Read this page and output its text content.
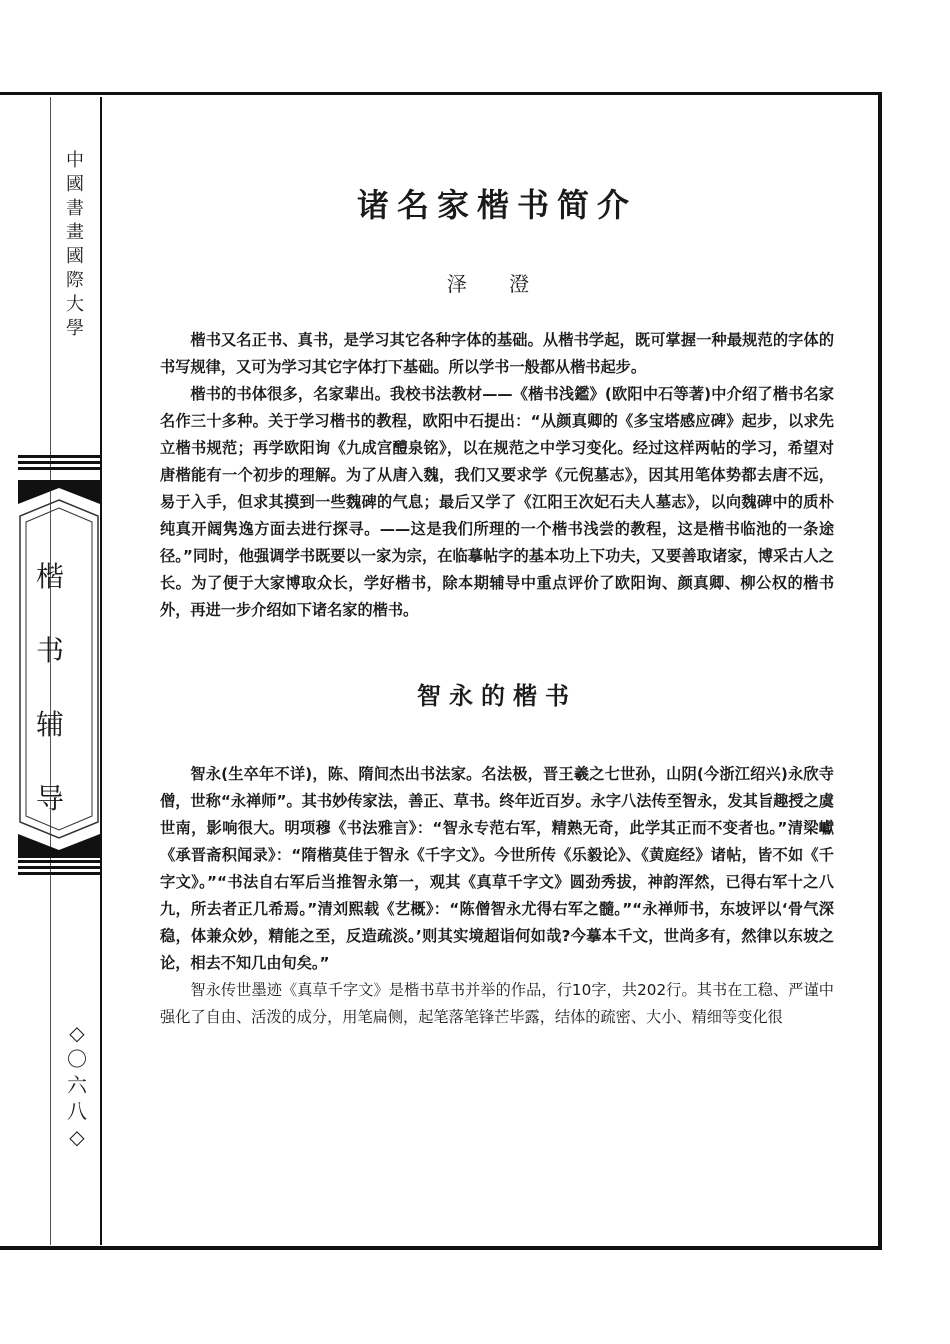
中國書畫國際大學
楷
书
辅
导
◇
〇
六
八
◇
诸名家楷书简介
泽 澄

楷书又名正书、真书，是学习其它各种字体的基础。从楷书学起，既可掌握一种最规范的字体的书写规律，又可为学习其它字体打下基础。所以学书一般都从楷书起步。

楷书的书体很多，名家辈出。我校书法教材——《楷书浅鑑》(欧阳中石等著)中介绍了楷书名家名作三十多种。关于学习楷书的教程，欧阳中石提出：“从颜真卿的《多宝塔感应碑》起步，以求先立楷书规范；再学欧阳询《九成宫醴泉铭》，以在规范之中学习变化。经过这样两帖的学习，希望对唐楷能有一个初步的理解。为了从唐入魏，我们又要求学《元倪墓志》，因其用笔体势都去唐不远，易于入手，但求其摸到一些魏碑的气息；最后又学了《江阳王次妃石夫人墓志》，以向魏碑中的质朴纯真开阔隽逸方面去进行探寻。——这是我们所理的一个楷书浅尝的教程，这是楷书临池的一条途径。”同时，他强调学书既要以一家为宗，在临摹帖字的基本功上下功夫，又要善取诸家，博采古人之长。为了便于大家博取众长，学好楷书，除本期辅导中重点评价了欧阳询、颜真卿、柳公权的楷书外，再进一步介绍如下诸名家的楷书。

智永的楷书

智永(生卒年不详)，陈、隋间杰出书法家。名法极，晋王羲之七世孙，山阴(今浙江绍兴)永欣寺僧，世称“永禅师”。其书妙传家法，善正、草书。终年近百岁。永字八法传至智永，发其旨趣授之虞世南，影响很大。明项穆《书法雅言》：“智永专范右军，精熟无奇，此学其正而不变者也。”清梁巘《承晋斋积闻录》：“隋楷莫佳于智永《千字文》。今世所传《乐毅论》、《黄庭经》诸帖，皆不如《千字文》。”“书法自右军后当推智永第一，观其《真草千字文》圆劲秀拔，神韵浑然，已得右军十之八九，所去者正几希焉。”清刘熙载《艺概》：“陈僧智永尤得右军之髓。”“永禅师书，东坡评以‘骨气深稳，体兼众妙，精能之至，反造疏淡。’则其实境超诣何如哉?今摹本千文，世尚多有，然律以东坡之论，相去不知几由旬矣。”

智永传世墨迹《真草千字文》是楷书草书并举的作品，行10字，共202行。其书在工稳、严谨中强化了自由、活泼的成分，用笔扁侧，起笔落笔锋芒毕露，结体的疏密、大小、精细等变化很
